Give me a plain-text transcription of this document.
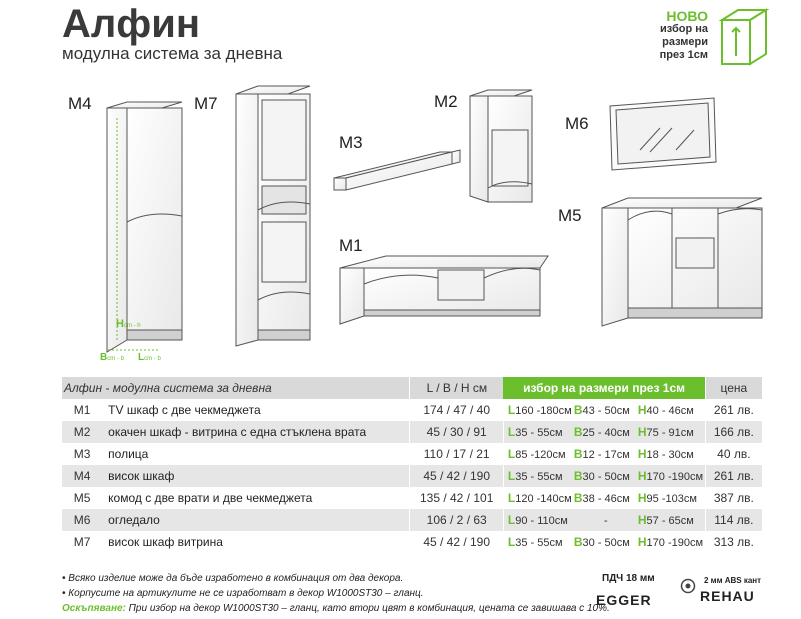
Алфин
модулна система за дневна
НОВО
избор на
размери
през 1см
M4	M7
M3
M2
M6
M1
M5
Hcm - h
Bcm - b Lcm - b
Алфин - модулна система за дневна		L / B / H см	избор на размери през 1см	цена
M1	TV шкаф с две чекмеджета	174 / 47 / 40	L160 -180см B43 - 50см H40 - 46см	261 лв.
M2	окачен шкаф - витрина с една стъклена врата	45 / 30 / 91	L35 - 55см B25 - 40см H75 - 91см	166 лв.
M3	полица	110 / 17 / 21	L85 -120см B12 - 17см H18 - 30см	40 лв.
M4	висок шкаф	45 / 42 / 190	L35 - 55см B30 - 50см H170 -190см	261 лв.
M5	комод с две врати и две чекмеджета	135 / 42 / 101	L120 -140см B38 - 46см H95 -103см	387 лв.
M6	огледало	106 / 2 / 63	L90 - 110см - H57 - 65см	114 лв.
M7	висок шкаф витрина	45 / 42 / 190	L35 - 55см B30 - 50см H170 -190см	313 лв.
• Всяко изделие може да бъде изработено в комбинация от два декора.
• Корпусите на артикулите не се изработват в декор W1000ST30 – гланц.
Оскъпяване: При избор на декор W1000ST30 – гланц, като втори цвят в комбинация, цената се завишава с 10%.
ПДЧ 18 мм
EGGER
2 мм ABS кант
REHAU
